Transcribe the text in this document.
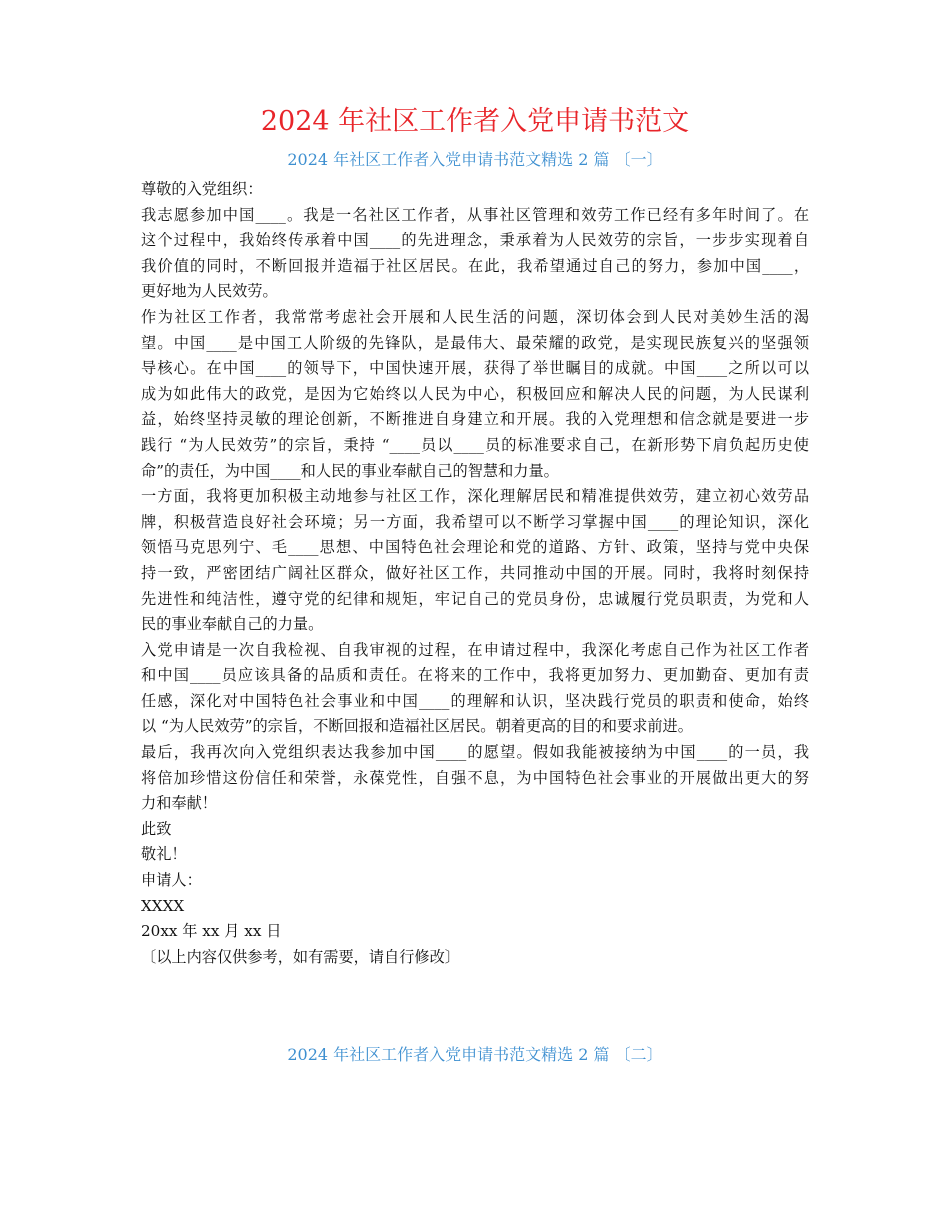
2024 年社区工作者入党申请书范文
2024 年社区工作者入党申请书范文精选 2 篇 〔一〕
尊敬的入党组织：
我志愿参加中国____。我是一名社区工作者，从事社区管理和效劳工作已经有多年时间了。在
这个过程中，我始终传承着中国____的先进理念，秉承着为人民效劳的宗旨，一步步实现着自
我价值的同时，不断回报并造福于社区居民。在此，我希望通过自己的努力，参加中国____，
更好地为人民效劳。
作为社区工作者，我常常考虑社会开展和人民生活的问题，深切体会到人民对美妙生活的渴
望。中国____是中国工人阶级的先锋队，是最伟大、最荣耀的政党，是实现民族复兴的坚强领
导核心。在中国____的领导下，中国快速开展，获得了举世瞩目的成就。中国____之所以可以
成为如此伟大的政党，是因为它始终以人民为中心，积极回应和解决人民的问题，为人民谋利
益，始终坚持灵敏的理论创新，不断推进自身建立和开展。我的入党理想和信念就是要进一步
践行 “为人民效劳”的宗旨，秉持 “____员以____员的标准要求自己，在新形势下肩负起历史使
命”的责任，为中国____和人民的事业奉献自己的智慧和力量。
一方面，我将更加积极主动地参与社区工作，深化理解居民和精准提供效劳，建立初心效劳品
牌，积极营造良好社会环境；另一方面，我希望可以不断学习掌握中国____的理论知识，深化
领悟马克思列宁、毛____思想、中国特色社会理论和党的道路、方针、政策，坚持与党中央保
持一致，严密团结广阔社区群众，做好社区工作，共同推动中国的开展。同时，我将时刻保持
先进性和纯洁性，遵守党的纪律和规矩，牢记自己的党员身份，忠诚履行党员职责，为党和人
民的事业奉献自己的力量。
入党申请是一次自我检视、自我审视的过程，在申请过程中，我深化考虑自己作为社区工作者
和中国____员应该具备的品质和责任。在将来的工作中，我将更加努力、更加勤奋、更加有责
任感，深化对中国特色社会事业和中国____的理解和认识，坚决践行党员的职责和使命，始终
以 “为人民效劳”的宗旨，不断回报和造福社区居民。朝着更高的目的和要求前进。
最后，我再次向入党组织表达我参加中国____的愿望。假如我能被接纳为中国____的一员，我
将倍加珍惜这份信任和荣誉，永葆党性，自强不息，为中国特色社会事业的开展做出更大的努
力和奉献！
此致
敬礼！
申请人：
XXXX
20xx 年 xx 月 xx 日
〔以上内容仅供参考，如有需要，请自行修改〕
2024 年社区工作者入党申请书范文精选 2 篇 〔二〕
